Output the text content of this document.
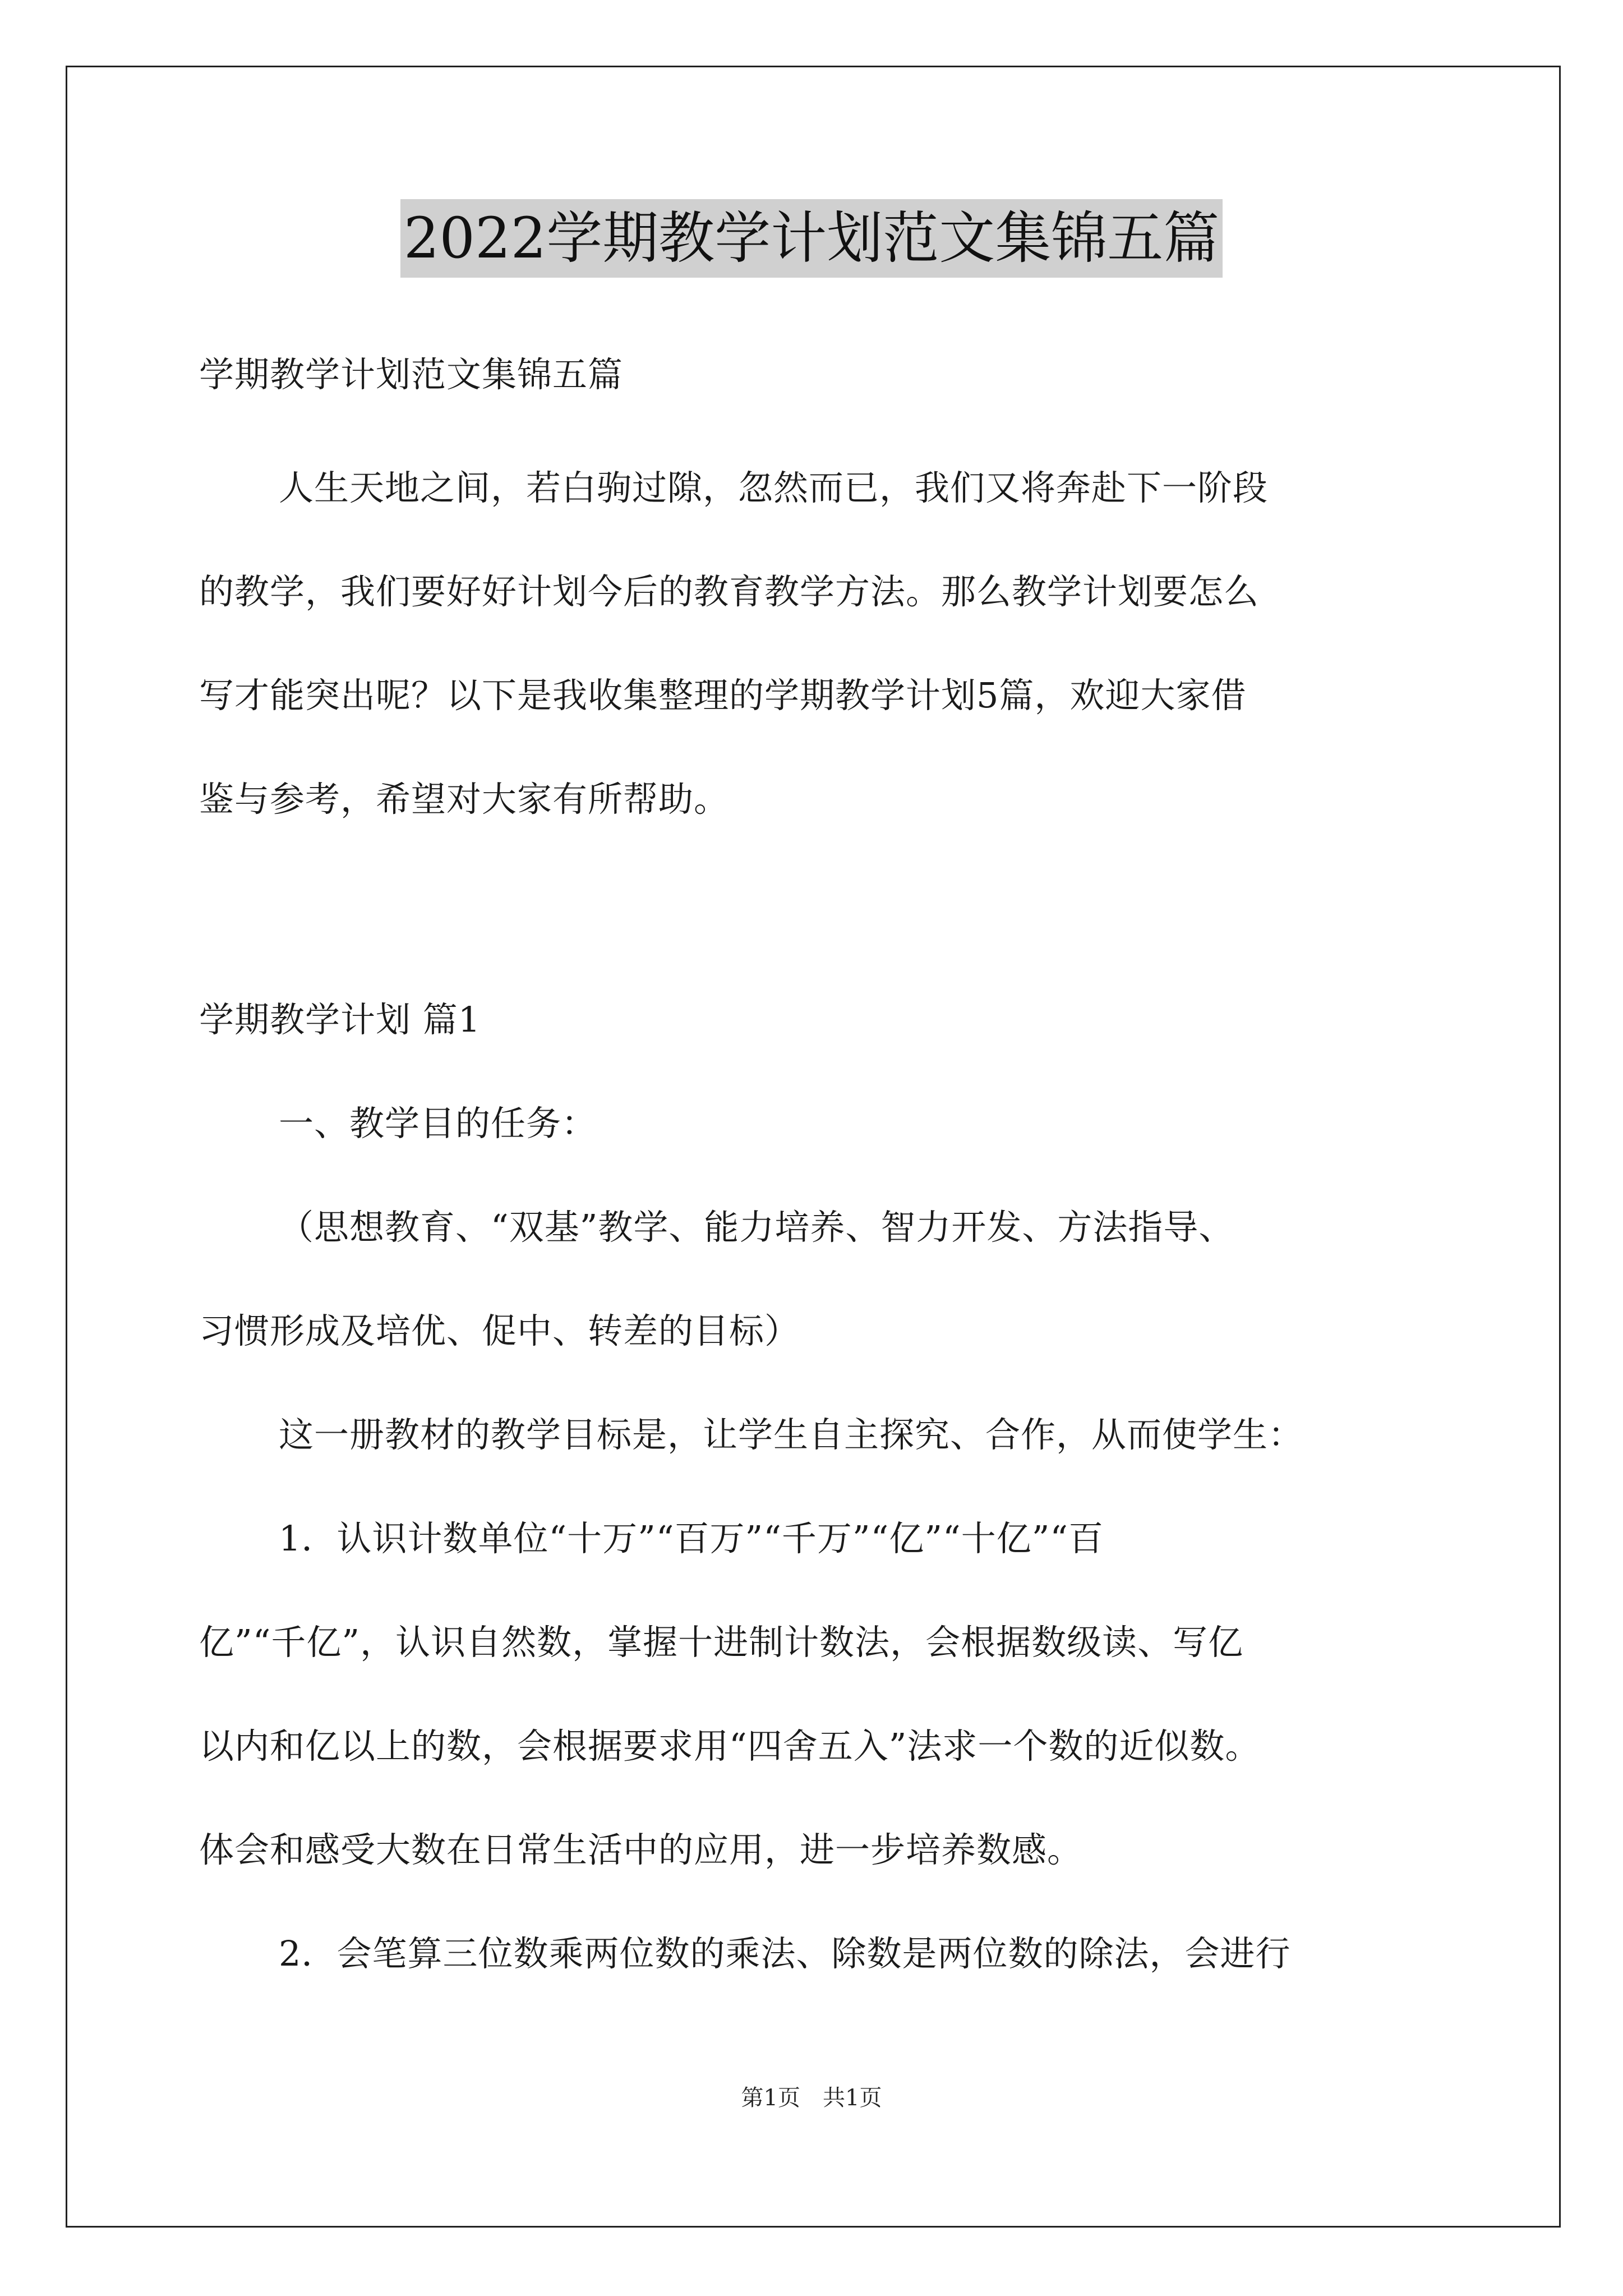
2022学期教学计划范文集锦五篇
学期教学计划范文集锦五篇
人生天地之间，若白驹过隙，忽然而已，我们又将奔赴下一阶段
的教学，我们要好好计划今后的教育教学方法。那么教学计划要怎么
写才能突出呢？以下是我收集整理的学期教学计划5篇，欢迎大家借
鉴与参考，希望对大家有所帮助。
学期教学计划 篇1
一、教学目的任务：
（思想教育、“双基”教学、能力培养、智力开发、方法指导、
习惯形成及培优、促中、转差的目标）
这一册教材的教学目标是，让学生自主探究、合作，从而使学生：
1．认识计数单位“十万”“百万”“千万”“亿”“十亿”“百
亿”“千亿”，认识自然数，掌握十进制计数法，会根据数级读、写亿
以内和亿以上的数，会根据要求用“四舍五入”法求一个数的近似数。
体会和感受大数在日常生活中的应用，进一步培养数感。
2．会笔算三位数乘两位数的乘法、除数是两位数的除法，会进行
第1页　共1页
